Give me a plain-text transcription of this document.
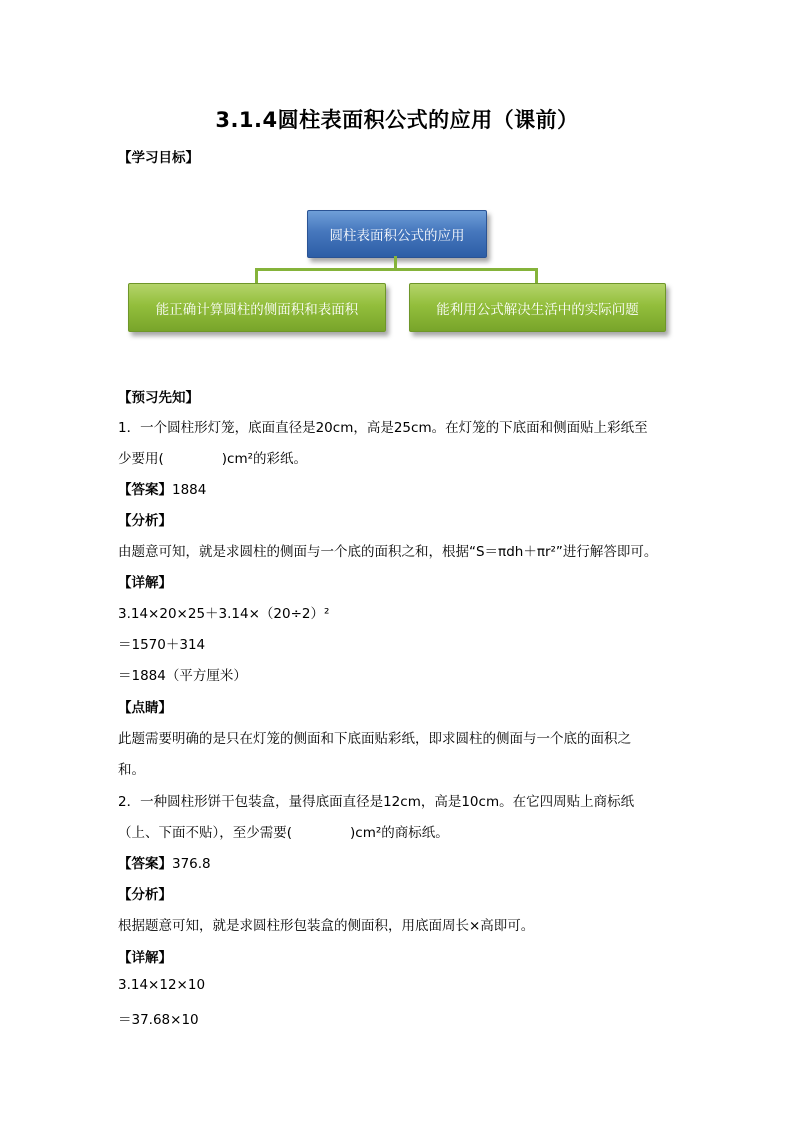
3.1.4圆柱表面积公式的应用（课前）
【学习目标】
圆柱表面积公式的应用
能正确计算圆柱的侧面积和表面积	能利用公式解决生活中的实际问题
【预习先知】
1．一个圆柱形灯笼，底面直径是20cm，高是25cm。在灯笼的下底面和侧面贴上彩纸至
少要用(	)cm²的彩纸。
【答案】1884
【分析】
由题意可知，就是求圆柱的侧面与一个底的面积之和，根据“S＝πdh＋πr²”进行解答即可。
【详解】
3.14×20×25＋3.14×（20÷2）²
＝1570＋314
＝1884（平方厘米）
【点睛】
此题需要明确的是只在灯笼的侧面和下底面贴彩纸，即求圆柱的侧面与一个底的面积之
和。
2．一种圆柱形饼干包装盒，量得底面直径是12cm，高是10cm。在它四周贴上商标纸
（上、下面不贴），至少需要(	)cm²的商标纸。
【答案】376.8
【分析】
根据题意可知，就是求圆柱形包装盒的侧面积，用底面周长×高即可。
【详解】
3.14×12×10
＝37.68×10
